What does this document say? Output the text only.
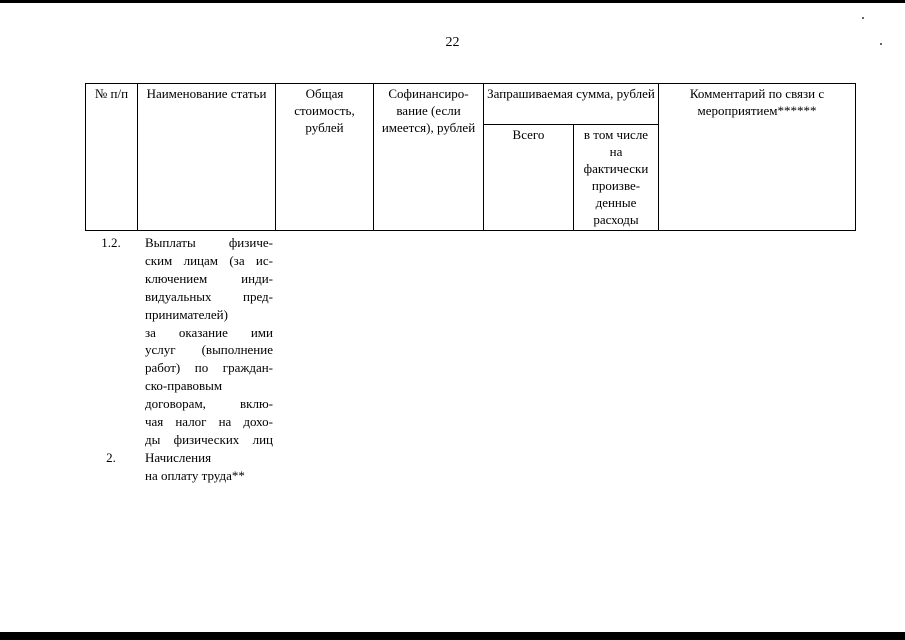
22
№ п/п	Наименование статьи	Общая стоимость, рублей	Софинансиро-вание (если имеется), рублей	Запрашиваемая сумма, рублей		Комментарий по связи с мероприятием******
				Всего	в том числе на фактически произве-денные расходы	
1.2.	Выплаты физиче-
ским лицам (за ис-
ключением инди-
видуальных пред-
принимателей)
за оказание ими
услуг (выполнение
работ) по граждан-
ско-правовым
договорам, вклю-
чая налог на дохо-
ды физических лиц
2.	Начисления
на оплату труда**
